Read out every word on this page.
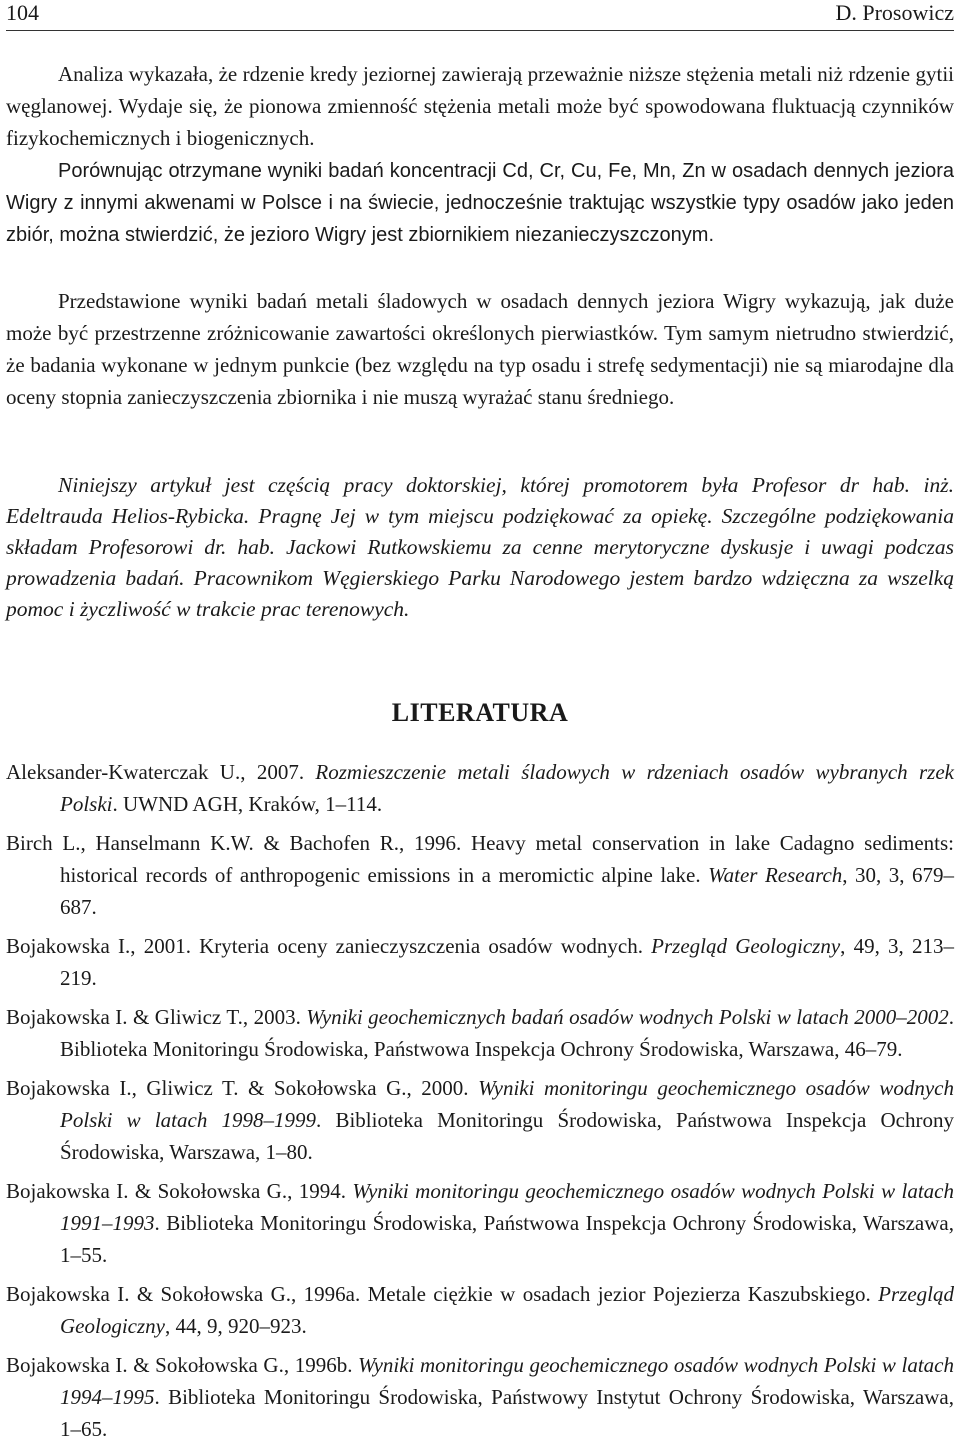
104	D. Prosowicz

Analiza wykazała, że rdzenie kredy jeziornej zawierają przeważnie niższe stężenia metali niż rdzenie gytii węglanowej. Wydaje się, że pionowa zmienność stężenia metali może być spowodowana fluktuacją czynników fizykochemicznych i biogenicznych.

Porównując otrzymane wyniki badań koncentracji Cd, Cr, Cu, Fe, Mn, Zn w osadach dennych jeziora Wigry z innymi akwenami w Polsce i na świecie, jednocześnie traktując wszystkie typy osadów jako jeden zbiór, można stwierdzić, że jezioro Wigry jest zbiornikiem niezanieczyszczonym.

Przedstawione wyniki badań metali śladowych w osadach dennych jeziora Wigry wykazują, jak duże może być przestrzenne zróżnicowanie zawartości określonych pierwiastków. Tym samym nietrudno stwierdzić, że badania wykonane w jednym punkcie (bez względu na typ osadu i strefę sedymentacji) nie są miarodajne dla oceny stopnia zanieczyszczenia zbiornika i nie muszą wyrażać stanu średniego.

Niniejszy artykuł jest częścią pracy doktorskiej, której promotorem była Profesor dr hab. inż. Edeltrauda Helios-Rybicka. Pragnę Jej w tym miejscu podziękować za opiekę. Szczególne podziękowania składam Profesorowi dr. hab. Jackowi Rutkowskiemu za cenne merytoryczne dyskusje i uwagi podczas prowadzenia badań. Pracownikom Węgierskiego Parku Narodowego jestem bardzo wdzięczna za wszelką pomoc i życzliwość w trakcie prac terenowych.

LITERATURA

Aleksander-Kwaterczak U., 2007. Rozmieszczenie metali śladowych w rdzeniach osadów wybranych rzek Polski. UWND AGH, Kraków, 1–114.

Birch L., Hanselmann K.W. & Bachofen R., 1996. Heavy metal conservation in lake Cadagno sediments: historical records of anthropogenic emissions in a meromictic alpine lake. Water Research, 30, 3, 679–687.

Bojakowska I., 2001. Kryteria oceny zanieczyszczenia osadów wodnych. Przegląd Geologiczny, 49, 3, 213–219.

Bojakowska I. & Gliwicz T., 2003. Wyniki geochemicznych badań osadów wodnych Polski w latach 2000–2002. Biblioteka Monitoringu Środowiska, Państwowa Inspekcja Ochrony Środowiska, Warszawa, 46–79.

Bojakowska I., Gliwicz T. & Sokołowska G., 2000. Wyniki monitoringu geochemicznego osadów wodnych Polski w latach 1998–1999. Biblioteka Monitoringu Środowiska, Państwowa Inspekcja Ochrony Środowiska, Warszawa, 1–80.

Bojakowska I. & Sokołowska G., 1994. Wyniki monitoringu geochemicznego osadów wodnych Polski w latach 1991–1993. Biblioteka Monitoringu Środowiska, Państwowa Inspekcja Ochrony Środowiska, Warszawa, 1–55.

Bojakowska I. & Sokołowska G., 1996a. Metale ciężkie w osadach jezior Pojezierza Kaszubskiego. Przegląd Geologiczny, 44, 9, 920–923.

Bojakowska I. & Sokołowska G., 1996b. Wyniki monitoringu geochemicznego osadów wodnych Polski w latach 1994–1995. Biblioteka Monitoringu Środowiska, Państwowy Instytut Ochrony Środowiska, Warszawa, 1–65.
